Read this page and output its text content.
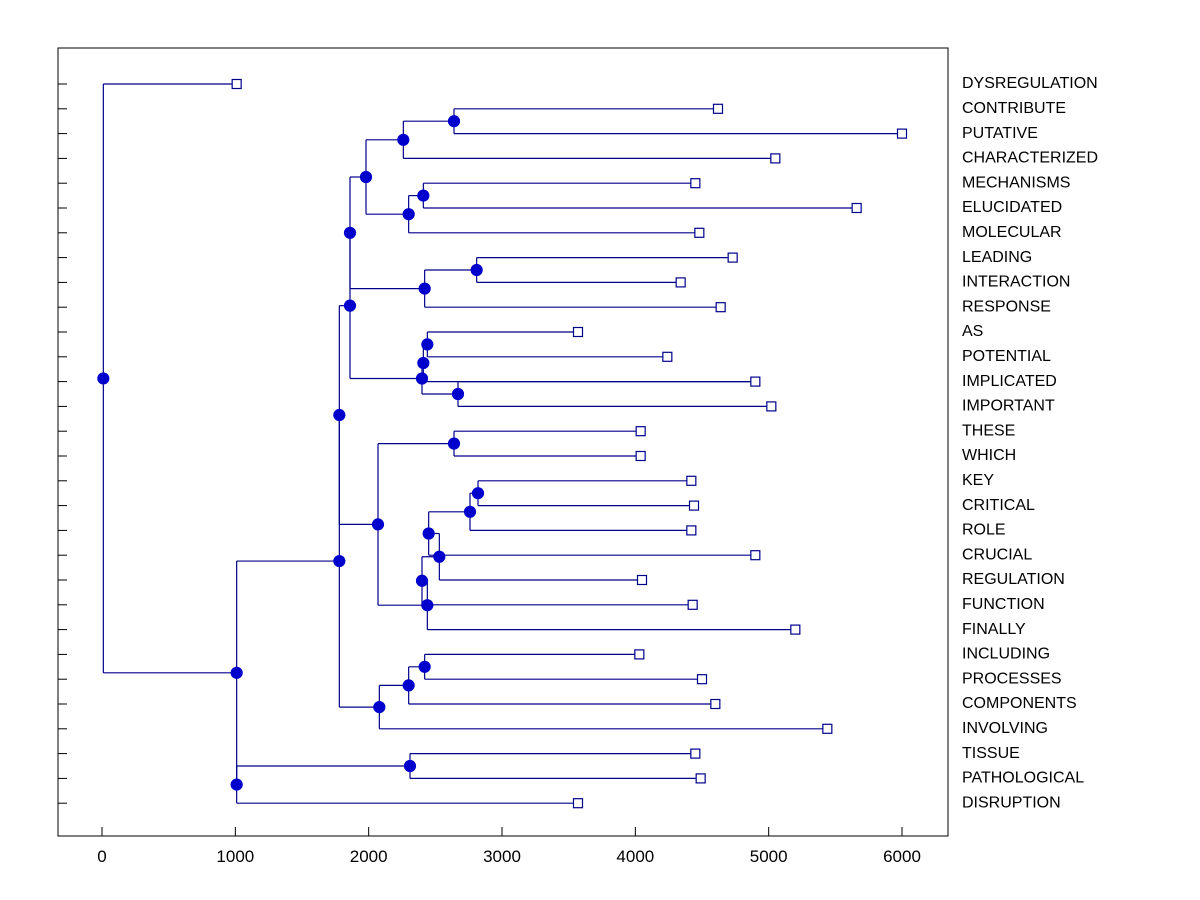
0	1000	2000	3000	4000	5000	6000
DYSREGULATION
CONTRIBUTE
PUTATIVE
CHARACTERIZED
MECHANISMS
ELUCIDATED
MOLECULAR
LEADING
INTERACTION
RESPONSE
AS
POTENTIAL
IMPLICATED
IMPORTANT
THESE
WHICH
KEY
CRITICAL
ROLE
CRUCIAL
REGULATION
FUNCTION
FINALLY
INCLUDING
PROCESSES
COMPONENTS
INVOLVING
TISSUE
PATHOLOGICAL
DISRUPTION
